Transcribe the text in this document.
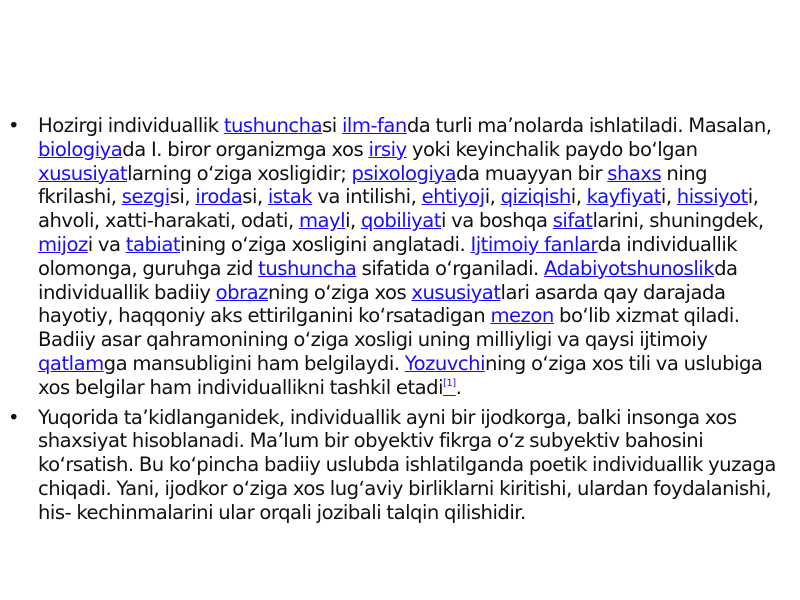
• Hozirgi individuallik tushunchasi ilm-fanda turli ma’nolarda ishlatiladi. Masalan, biologiyada I. biror organizmga xos irsiy yoki keyinchalik paydo boʻlgan xususiyatlarning oʻziga xosligidir; psixologiyada muayyan bir shaxs ning fkrilashi, sezgisi, irodasi, istak va intilishi, ehtiyoji, qiziqishi, kayfiyati, hissiyoti, ahvoli, xatti-harakati, odati, mayli, qobiliyati va boshqa sifatlarini, shuningdek, mijozi va tabiatining oʻziga xosligini anglatadi. Ijtimoiy fanlarda individuallik olomonga, guruhga zid tushuncha sifatida oʻrganiladi. Adabiyotshunoslikda individuallik badiiy obrazning oʻziga xos xususiyatlari asarda qay darajada hayotiy, haqqoniy aks ettirilganini koʻrsatadigan mezon boʻlib xizmat qiladi. Badiiy asar qahramonining oʻziga xosligi uning milliyligi va qaysi ijtimoiy qatlamga mansubligini ham belgilaydi. Yozuvchining oʻziga xos tili va uslubiga xos belgilar ham individuallikni tashkil etadi[1].
• Yuqorida ta’kidlanganidek, individuallik ayni bir ijodkorga, balki insonga xos shaxsiyat hisoblanadi. Ma’lum bir obyektiv fikrga oʻz subyektiv bahosini koʻrsatish. Bu koʻpincha badiiy uslubda ishlatilganda poetik individuallik yuzaga chiqadi. Yani, ijodkor oʻziga xos lugʻaviy birliklarni kiritishi, ulardan foydalanishi, his- kechinmalarini ular orqali jozibali talqin qilishidir.
